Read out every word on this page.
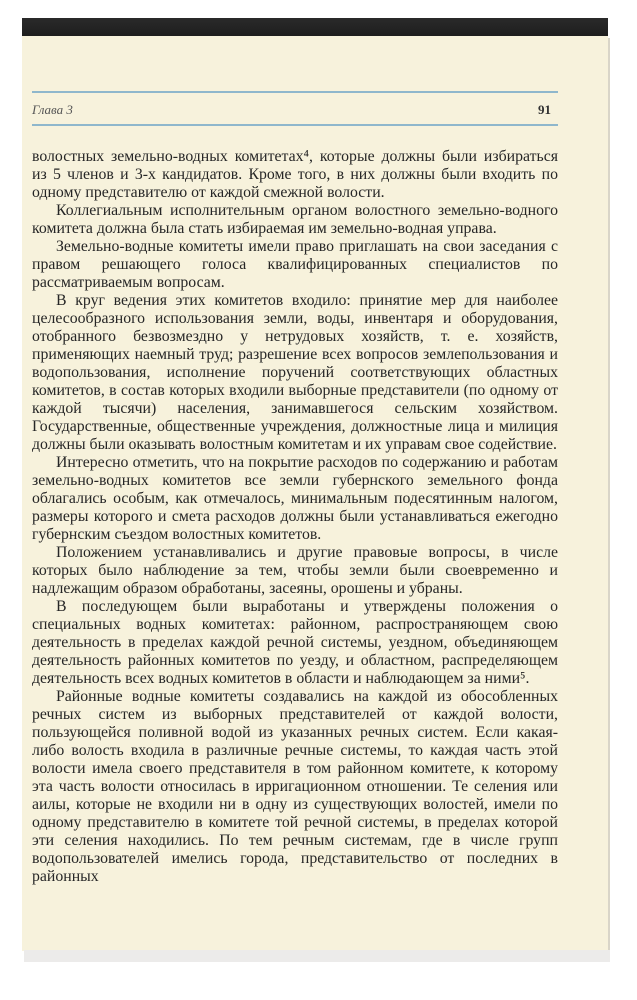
Глава 3	91

волостных земельно-водных комитетах⁴, которые должны были избираться из 5 членов и 3-х кандидатов. Кроме того, в них должны были входить по одному представителю от каждой смежной волости.

Коллегиальным исполнительным органом волостного земельно-водного комитета должна была стать избираемая им земельно-водная управа.

Земельно-водные комитеты имели право приглашать на свои заседания с правом решающего голоса квалифицированных специалистов по рассматриваемым вопросам.

В круг ведения этих комитетов входило: принятие мер для наиболее целесообразного использования земли, воды, инвентаря и оборудования, отобранного безвозмездно у нетрудовых хозяйств, т. е. хозяйств, применяющих наемный труд; разрешение всех вопросов землепользования и водопользования, исполнение поручений соответствующих областных комитетов, в состав которых входили выборные представители (по одному от каждой тысячи) населения, занимавшегося сельским хозяйством. Государственные, общественные учреждения, должностные лица и милиция должны были оказывать волостным комитетам и их управам свое содействие.

Интересно отметить, что на покрытие расходов по содержанию и работам земельно-водных комитетов все земли губернского земельного фонда облагались особым, как отмечалось, минимальным подесятинным налогом, размеры которого и смета расходов должны были устанавливаться ежегодно губернским съездом волостных комитетов.

Положением устанавливались и другие правовые вопросы, в числе которых было наблюдение за тем, чтобы земли были своевременно и надлежащим образом обработаны, засеяны, орошены и убраны.

В последующем были выработаны и утверждены положения о специальных водных комитетах: районном, распространяющем свою деятельность в пределах каждой речной системы, уездном, объединяющем деятельность районных комитетов по уезду, и областном, распределяющем деятельность всех водных комитетов в области и наблюдающем за ними⁵.

Районные водные комитеты создавались на каждой из обособленных речных систем из выборных представителей от каждой волости, пользующейся поливной водой из указанных речных систем. Если какая-либо волость входила в различные речные системы, то каждая часть этой волости имела своего представителя в том районном комитете, к которому эта часть волости относилась в ирригационном отношении. Те селения или аилы, которые не входили ни в одну из существующих волостей, имели по одному представителю в комитете той речной системы, в пределах которой эти селения находились. По тем речным системам, где в числе групп водопользователей имелись города, представительство от последних в районных
